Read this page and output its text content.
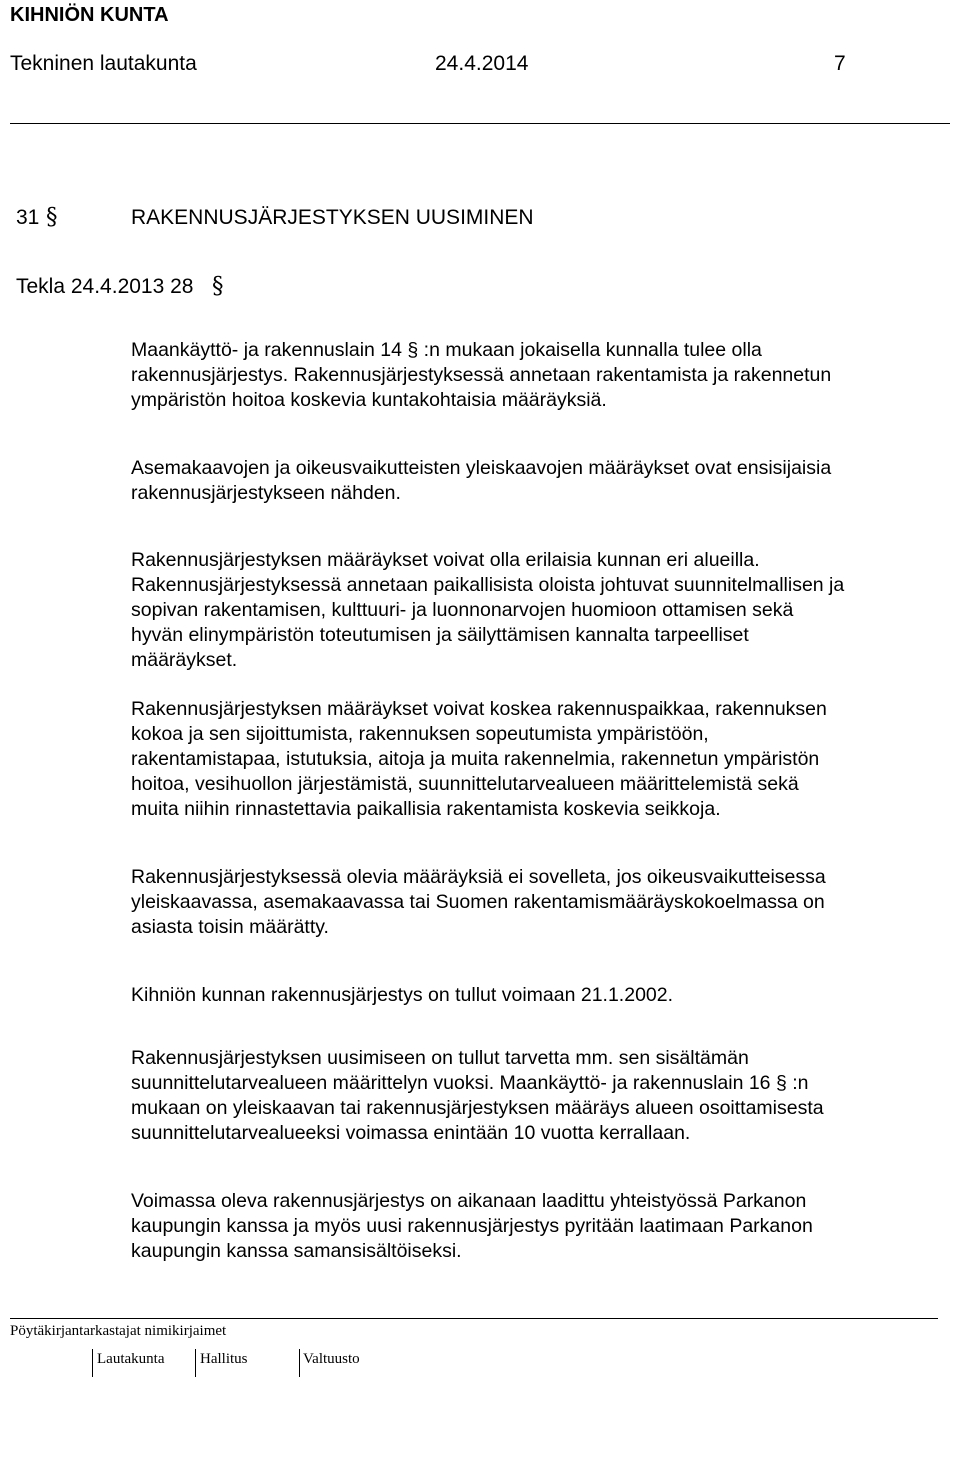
KIHNIÖN KUNTA
Tekninen lautakunta	24.4.2014	7
31 §	RAKENNUSJÄRJESTYKSEN UUSIMINEN
Tekla 24.4.2013 28 §

Maankäyttö- ja rakennuslain 14 § :n mukaan jokaisella kunnalla tulee olla

rakennusjärjestys. Rakennusjärjestyksessä annetaan rakentamista ja rakennetun

ympäristön hoitoa koskevia kuntakohtaisia määräyksiä.

Asemakaavojen ja oikeusvaikutteisten yleiskaavojen määräykset ovat ensisijaisia

rakennusjärjestykseen nähden.

Rakennusjärjestyksen määräykset voivat olla erilaisia kunnan eri alueilla.

Rakennusjärjestyksessä annetaan paikallisista oloista johtuvat suunnitelmallisen ja

sopivan rakentamisen, kulttuuri- ja luonnonarvojen huomioon ottamisen sekä

hyvän elinympäristön toteutumisen ja säilyttämisen kannalta tarpeelliset

määräykset.

Rakennusjärjestyksen määräykset voivat koskea rakennuspaikkaa, rakennuksen

kokoa ja sen sijoittumista, rakennuksen sopeutumista ympäristöön,

rakentamistapaa, istutuksia, aitoja ja muita rakennelmia, rakennetun ympäristön

hoitoa, vesihuollon järjestämistä, suunnittelutarvealueen määrittelemistä sekä

muita niihin rinnastettavia paikallisia rakentamista koskevia seikkoja.

Rakennusjärjestyksessä olevia määräyksiä ei sovelleta, jos oikeusvaikutteisessa

yleiskaavassa, asemakaavassa tai Suomen rakentamismääräyskokoelmassa on

asiasta toisin määrätty.

Kihniön kunnan rakennusjärjestys on tullut voimaan 21.1.2002.

Rakennusjärjestyksen uusimiseen on tullut tarvetta mm. sen sisältämän

suunnittelutarvealueen määrittelyn vuoksi. Maankäyttö- ja rakennuslain 16 § :n

mukaan on yleiskaavan tai rakennusjärjestyksen määräys alueen osoittamisesta

suunnittelutarvealueeksi voimassa enintään 10 vuotta kerrallaan.

Voimassa oleva rakennusjärjestys on aikanaan laadittu yhteistyössä Parkanon

kaupungin kanssa ja myös uusi rakennusjärjestys pyritään laatimaan Parkanon

kaupungin kanssa samansisältöiseksi.

Pöytäkirjantarkastajat nimikirjaimet
Lautakunta Hallitus	Valtuusto
